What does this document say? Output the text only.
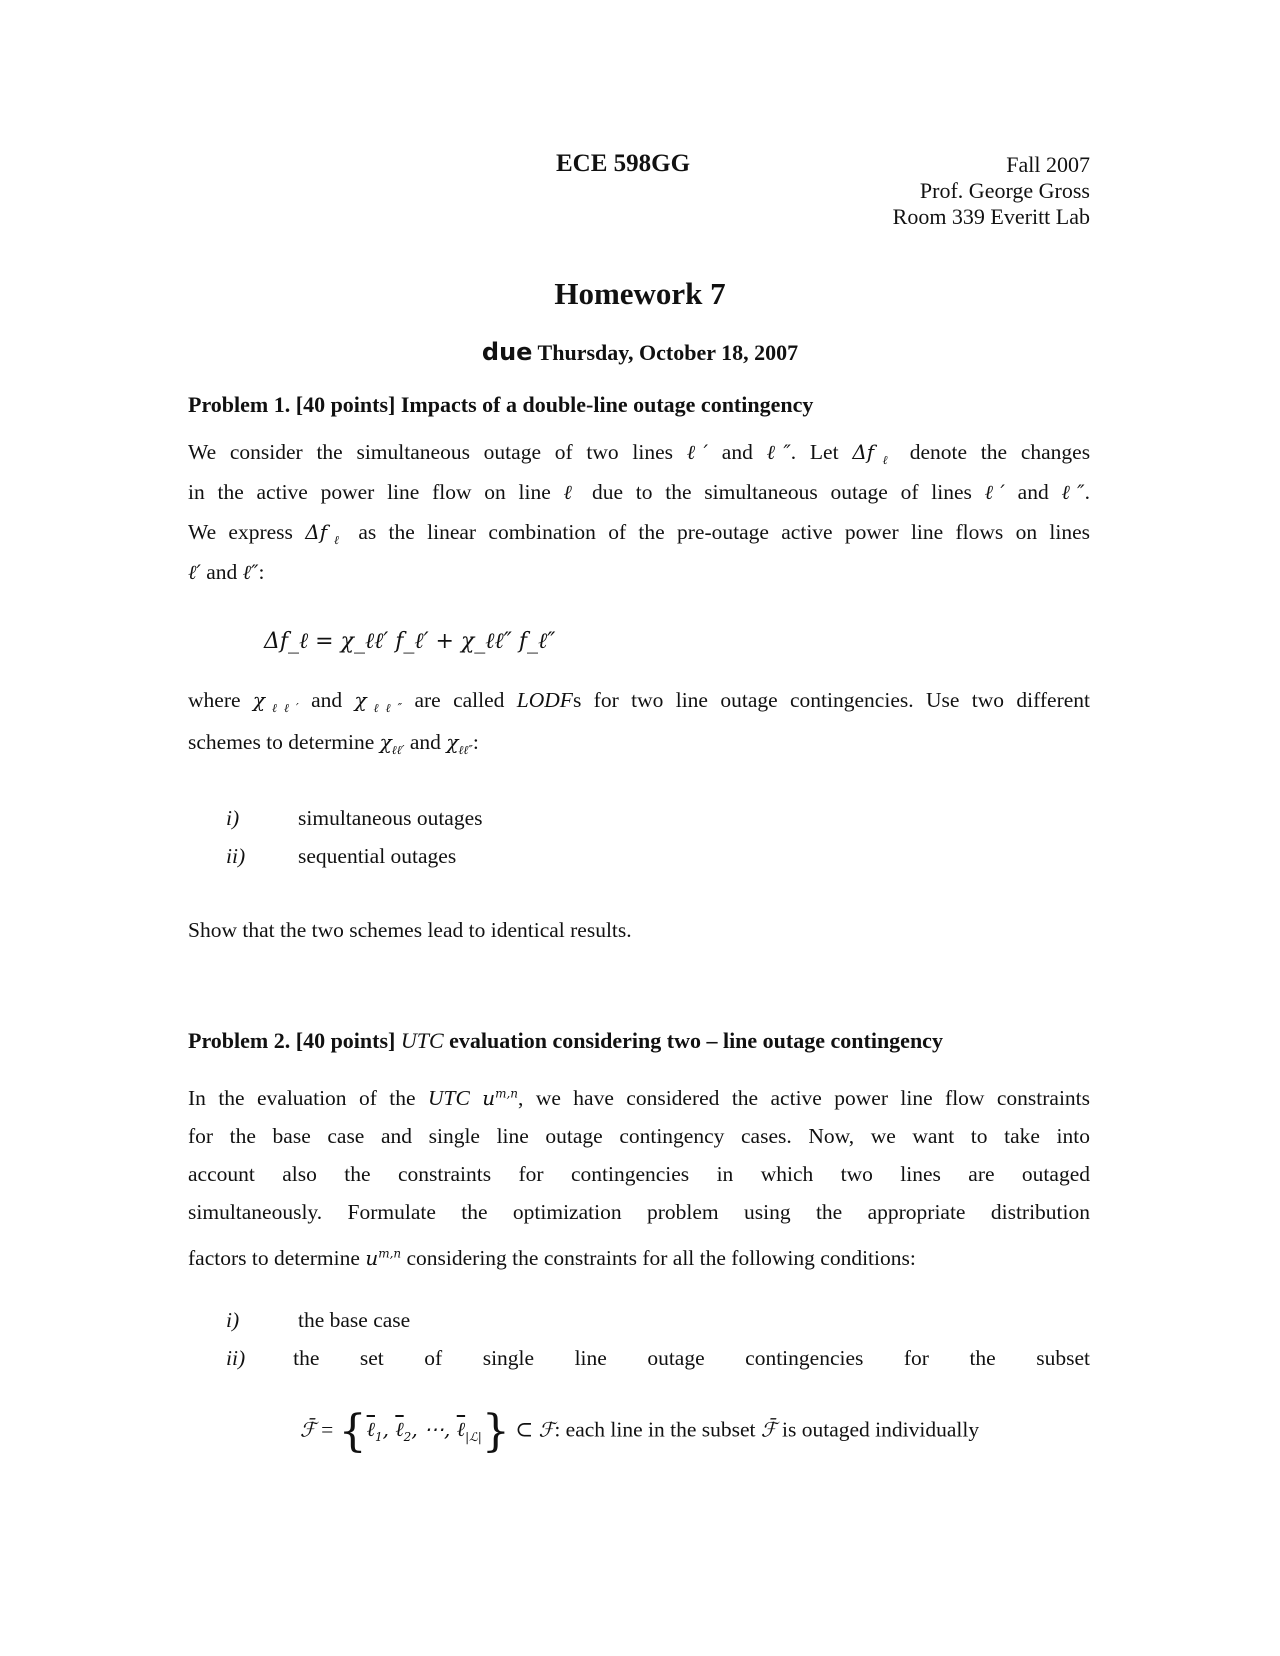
ECE 598GG	Fall 2007
Prof. George Gross
Room 339 Everitt Lab
Homework 7
due Thursday, October 18, 2007
Problem 1. [40 points] Impacts of a double-line outage contingency
We consider the simultaneous outage of two lines ℓ′ and ℓ″. Let $\Delta f_\ell$ denote the changes
in the active power line flow on line ℓ due to the simultaneous outage of lines ℓ′ and ℓ″.
We express $\Delta f_\ell$ as the linear combination of the pre-outage active power line flows on lines
ℓ′ and ℓ″:
Δf_ℓ = χ_ℓℓ′ f_ℓ′ + χ_ℓℓ″ f_ℓ″
where $\chi_{\ell\ell'}$ and $\chi_{\ell\ell''}$ are called LODFs for two line outage contingencies. Use two different
schemes to determine $\chi_{\ell\ell'}$ and $\chi_{\ell\ell''}$:
i)	simultaneous outages
ii) sequential outages
Show that the two schemes lead to identical results.
Problem 2. [40 points] UTC evaluation considering two – line outage contingency
In the evaluation of the UTC $u^{m,n}$, we have considered the active power line flow constraints
for the base case and single line outage contingency cases. Now, we want to take into
account also the constraints for contingencies in which two lines are outaged
simultaneously. Formulate the optimization problem using the appropriate distribution
factors to determine $u^{m,n}$ considering the constraints for all the following conditions:
i)	the base case
ii) the set of single line outage contingencies for the subset
ℱ̄ = {ℓ$_1$, ℓ$_2$, ⋯, ℓ$_{|ℒ|}$} ⊂ ℱ: each line in the subset ℱ̄ is outaged individually
